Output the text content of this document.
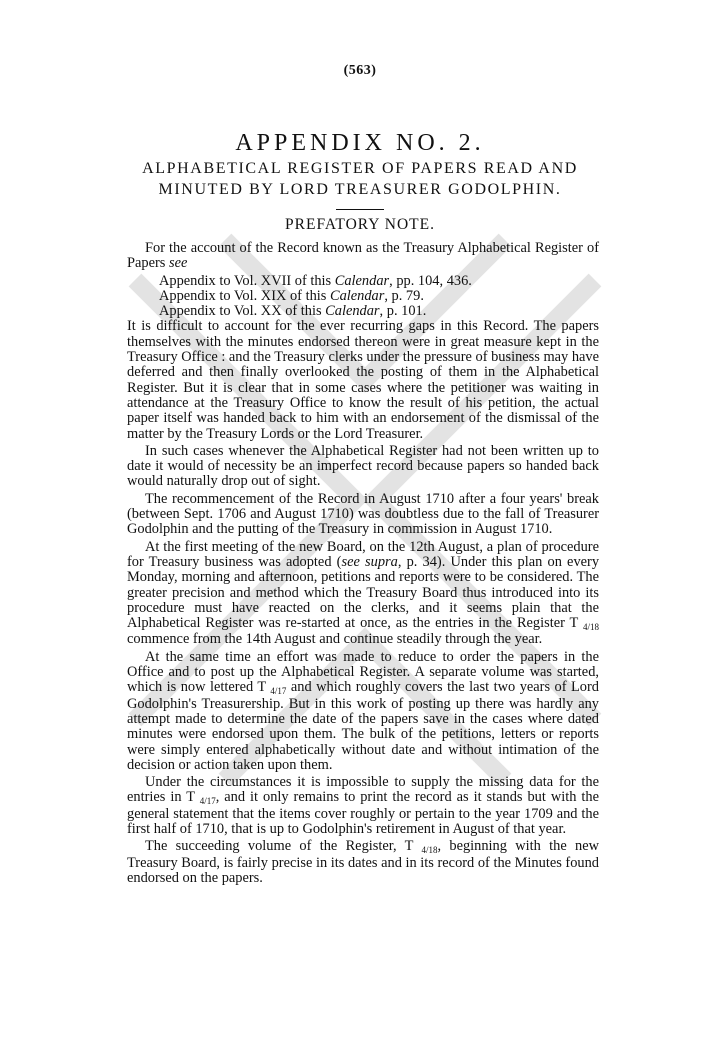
(563)
APPENDIX NO. 2.
ALPHABETICAL REGISTER OF PAPERS READ AND
MINUTED BY LORD TREASURER GODOLPHIN.
PREFATORY NOTE.

For the account of the Record known as the Treasury Alphabetical Register of Papers see

Appendix to Vol. XVII of this Calendar, pp. 104, 436.

Appendix to Vol. XIX of this Calendar, p. 79.

Appendix to Vol. XX of this Calendar, p. 101.

It is difficult to account for the ever recurring gaps in this Record. The papers themselves with the minutes endorsed thereon were in great measure kept in the Treasury Office : and the Treasury clerks under the pressure of business may have deferred and then finally overlooked the posting of them in the Alphabetical Register. But it is clear that in some cases where the petitioner was waiting in attendance at the Treasury Office to know the result of his petition, the actual paper itself was handed back to him with an endorsement of the dismissal of the matter by the Treasury Lords or the Lord Treasurer.

In such cases whenever the Alphabetical Register had not been written up to date it would of necessity be an imperfect record because papers so handed back would naturally drop out of sight.

The recommencement of the Record in August 1710 after a four years' break (between Sept. 1706 and August 1710) was doubtless due to the fall of Treasurer Godolphin and the putting of the Treasury in commission in August 1710.

At the first meeting of the new Board, on the 12th August, a plan of procedure for Treasury business was adopted (see supra, p. 34). Under this plan on every Monday, morning and afternoon, petitions and reports were to be considered. The greater precision and method which the Treasury Board thus introduced into its procedure must have reacted on the clerks, and it seems plain that the Alphabetical Register was re-started at once, as the entries in the Register T $_{4/18}$ commence from the 14th August and continue steadily through the year.

At the same time an effort was made to reduce to order the papers in the Office and to post up the Alphabetical Register. A separate volume was started, which is now lettered T $_{4/17}$ and which roughly covers the last two years of Lord Godolphin's Treasurership. But in this work of posting up there was hardly any attempt made to determine the date of the papers save in the cases where dated minutes were endorsed upon them. The bulk of the petitions, letters or reports were simply entered alphabetically without date and without intimation of the decision or action taken upon them.

Under the circumstances it is impossible to supply the missing data for the entries in T $_{4/17}$, and it only remains to print the record as it stands but with the general statement that the items cover roughly or pertain to the year 1709 and the first half of 1710, that is up to Godolphin's retirement in August of that year.

The succeeding volume of the Register, T $_{4/18}$, beginning with the new Treasury Board, is fairly precise in its dates and in its record of the Minutes found endorsed on the papers.
